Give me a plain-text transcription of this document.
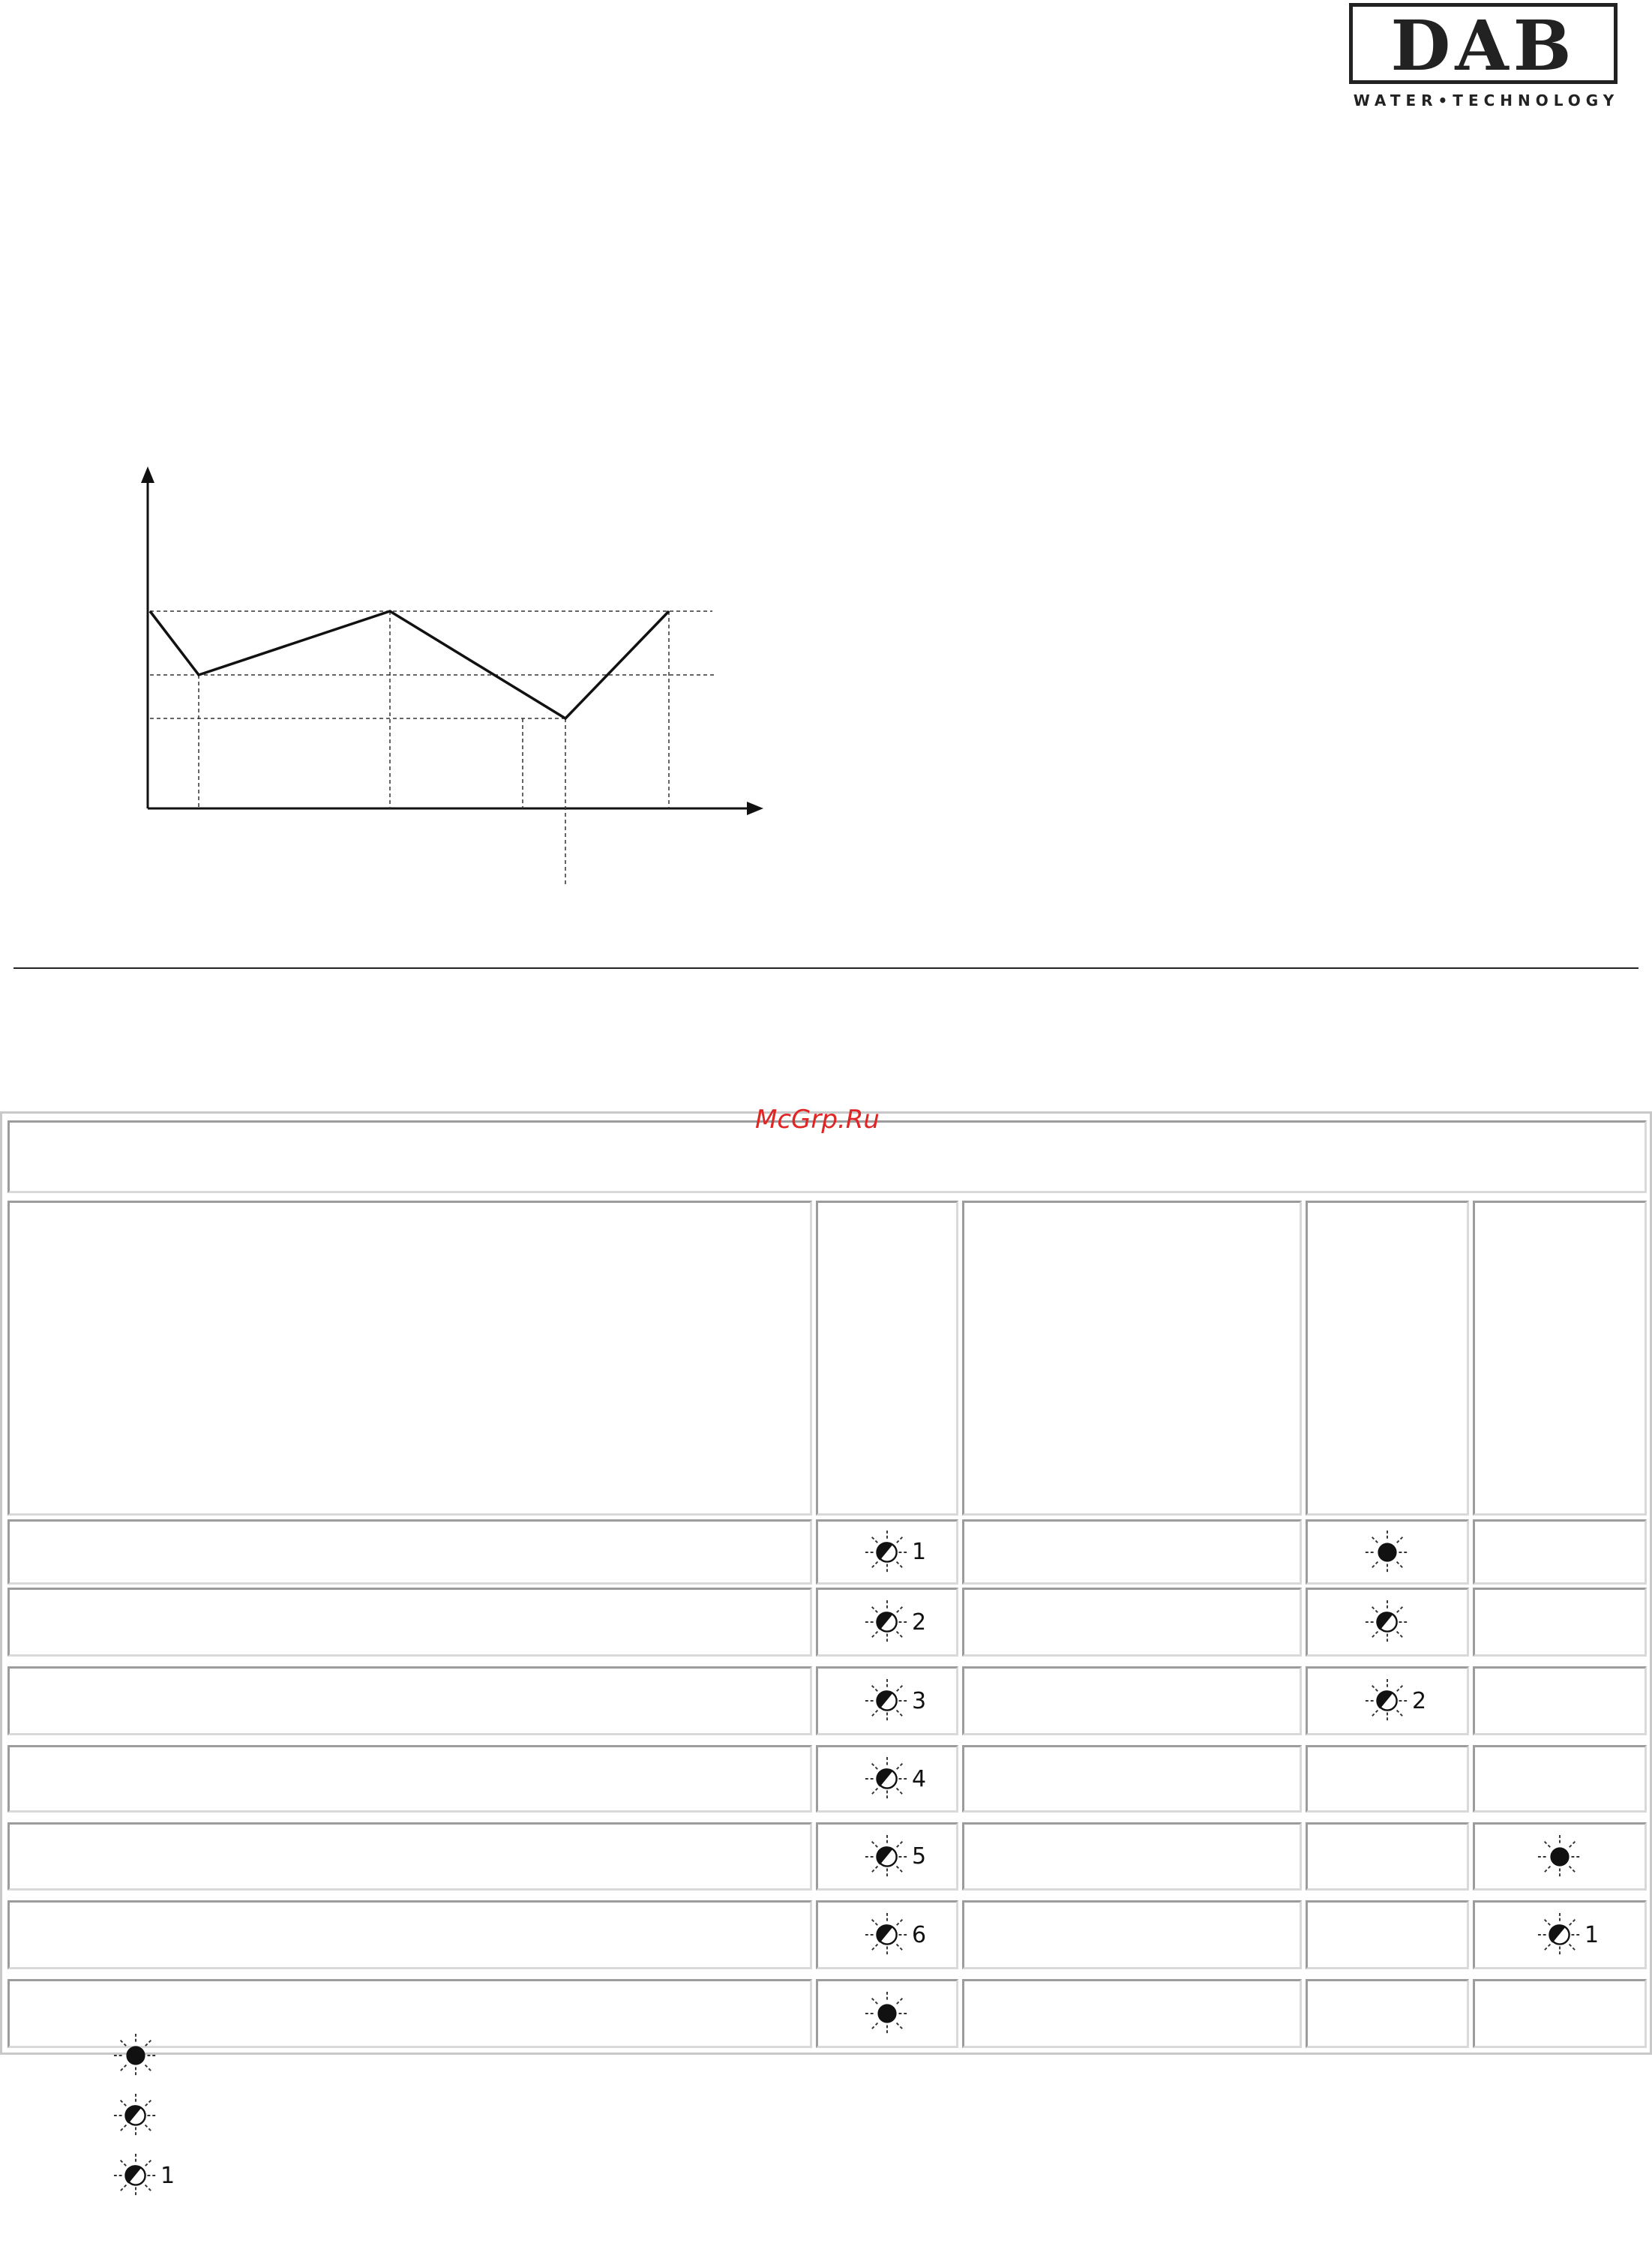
DAB
WATER•TECHNOLOGY
1
2
3	2
4
5
6	1
McGrp.Ru
1
